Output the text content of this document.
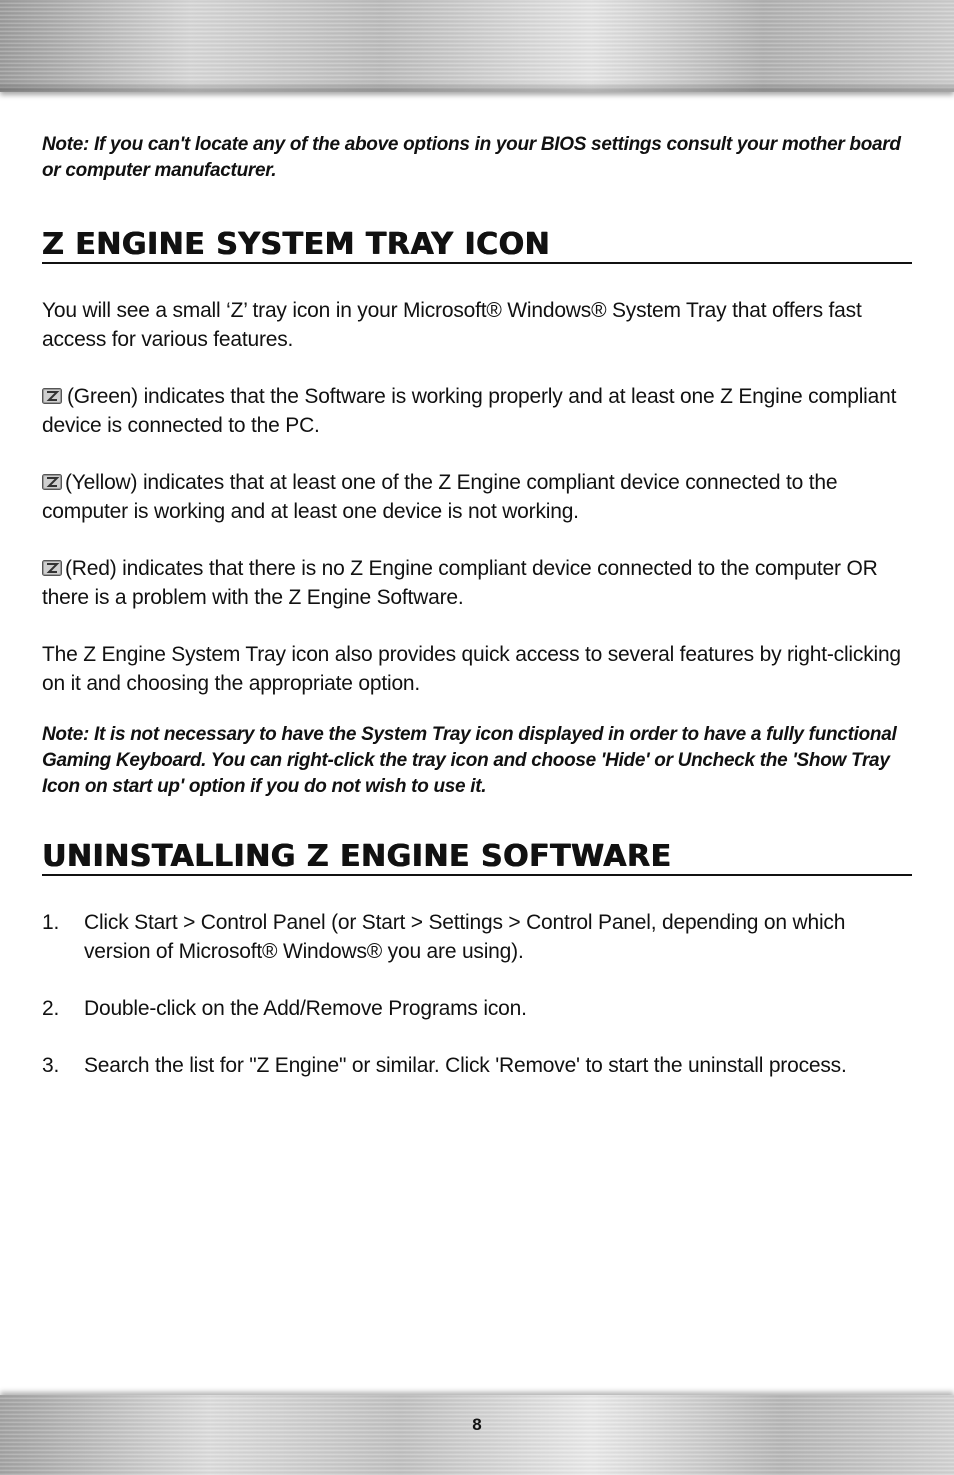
Note: If you can't locate any of the above options in your BIOS settings consult your mother board or computer manufacturer.

Z ENGINE SYSTEM TRAY ICON

You will see a small ‘Z’ tray icon in your Microsoft® Windows® System Tray that offers fast access for various features.

(Green) indicates that the Software is working properly and at least one Z Engine compliant device is connected to the PC.

(Yellow) indicates that at least one of the Z Engine compliant device connected to the computer is working and at least one device is not working.

(Red) indicates that there is no Z Engine compliant device connected to the computer OR there is a problem with the Z Engine Software.

The Z Engine System Tray icon also provides quick access to several features by right-clicking on it and choosing the appropriate option.

Note: It is not necessary to have the System Tray icon displayed in order to have a fully functional Gaming Keyboard. You can right-click the tray icon and choose 'Hide' or Uncheck the 'Show Tray Icon on start up' option if you do not wish to use it.

UNINSTALLING Z ENGINE SOFTWARE
1.	Click Start > Control Panel (or Start > Settings > Control Panel, depending on which version of Microsoft® Windows® you are using).
2.	Double-click on the Add/Remove Programs icon.
3.	Search the list for "Z Engine" or similar. Click 'Remove' to start the uninstall process.
8
